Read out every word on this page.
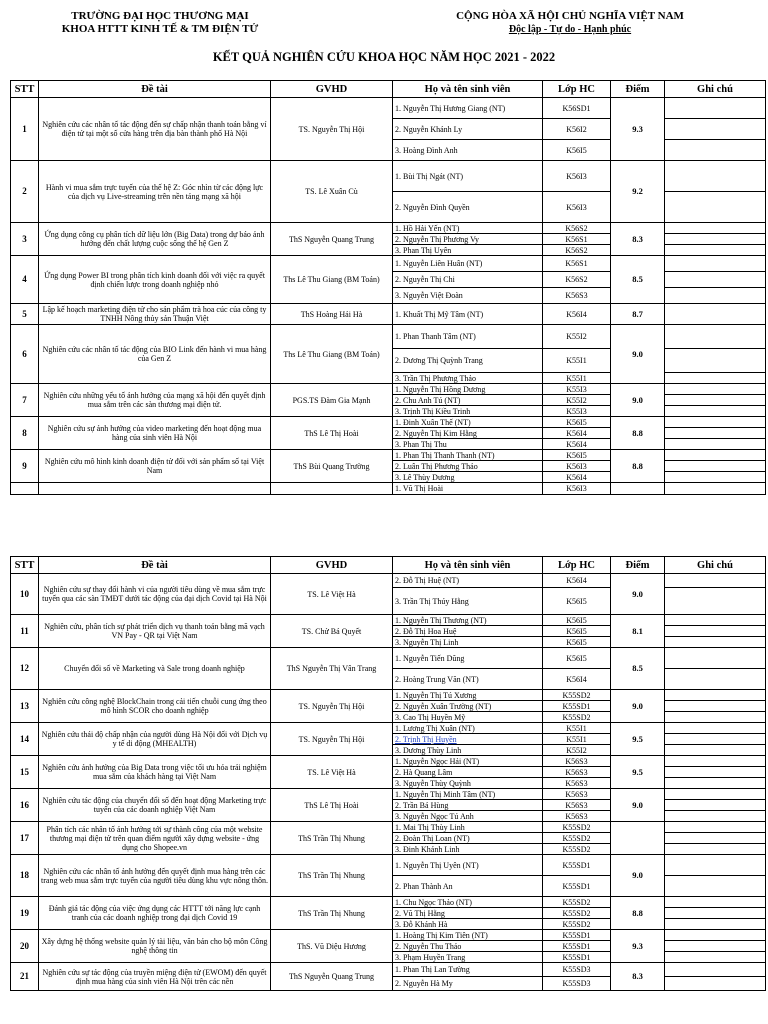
TRƯỜNG ĐẠI HỌC THƯƠNG MẠI
KHOA HTTT KINH TẾ & TM ĐIỆN TỬ
CỘNG HÒA XÃ HỘI CHỦ NGHĨA VIỆT NAM
Độc lập - Tự do - Hạnh phúc
KẾT QUẢ NGHIÊN CỨU KHOA HỌC NĂM HỌC 2021 - 2022
STT	Đề tài	GVHD	Họ và tên sinh viên	Lớp HC	Điểm	Ghi chú
1	Nghiên cứu các nhân tố tác động đến sự chấp nhận thanh toán bằng ví điện tử tại một số cửa hàng trên địa bàn thành phố Hà Nội	TS. Nguyễn Thị Hội	1. Nguyễn Thị Hương Giang (NT)	K56SD1	9.3	
			2. Nguyễn Khánh Ly	K56I2		
			3. Hoàng Đình Anh	K56I5		
2	Hành vi mua sắm trực tuyến của thế hệ Z: Góc nhìn từ các động lực của dịch vụ Live-streaming trên nền tảng mạng xã hội	TS. Lê Xuân Cù	1. Bùi Thị Ngát (NT)	K56I3	9.2	
			2. Nguyễn Đình Quyền	K56I3		
3	Ứng dụng công cụ phân tích dữ liệu lớn (Big Data) trong dự báo ảnh hưởng đến chất lượng cuộc sống thế hệ Gen Z	ThS Nguyễn Quang Trung	1. Hồ Hải Yến (NT)	K56S2	8.3	
			2. Nguyễn Thị Phương Vy	K56S1		
			3. Phan Thị Uyên	K56S2		
4	Ứng dụng Power BI trong phân tích kinh doanh đối với việc ra quyết định chiến lược trong doanh nghiệp nhỏ	Ths Lê Thu Giang (BM Toán)	1. Nguyễn Liên Huân (NT)	K56S1	8.5	
			2. Nguyễn Thị Chi	K56S2		
			3. Nguyễn Việt Đoàn	K56S3		
5	Lập kế hoạch marketing điện tử cho sản phẩm trà hoa cúc của công ty TNHH Nông thủy sản Thuận Việt	ThS Hoàng Hải Hà	1. Khuất Thị Mỹ Tâm (NT)	K56I4	8.7	
6	Nghiên cứu các nhân tố tác động của BIO Link đến hành vi mua hàng của Gen Z	Ths Lê Thu Giang (BM Toán)	1. Phan Thanh Tâm (NT)	K55I2	9.0	
			2. Dương Thị Quỳnh Trang	K55I1		
			3. Trần Thị Phương Thảo	K55I1		
7	Nghiên cứu những yếu tố ảnh hưởng của mạng xã hội đến quyết định mua sắm trên các sàn thương mại điện tử.	PGS.TS Đàm Gia Mạnh	1. Nguyễn Thị Hồng Dương	K55I3	9.0	
			2. Chu Anh Tú (NT)	K55I2		
			3. Trịnh Thị Kiều Trinh	K55I3		
8	Nghiên cứu sự ảnh hưởng của video marketing đến hoạt động mua hàng của sinh viên Hà Nội	ThS Lê Thị Hoài	1. Đinh Xuân Thế (NT)	K56I5	8.8	
			2. Nguyễn Thị Kim Hằng	K56I4		
			3. Phan Thị Thu	K56I4		
9	Nghiên cứu mô hình kinh doanh điện tử đối với sản phẩm số tại Việt Nam	ThS Bùi Quang Trường	1. Phan Thị Thanh Thanh (NT)	K56I5	8.8	
			2. Luân Thị Phương Thảo	K56I3		
			3. Lê Thùy Dương	K56I4		
			1. Vũ Thị Hoài	K56I3		
STT	Đề tài	GVHD	Họ và tên sinh viên	Lớp HC	Điểm	Ghi chú
10	Nghiên cứu sự thay đổi hành vi của người tiêu dùng về mua sắm trực tuyến qua các sàn TMĐT dưới tác động của đại dịch Covid tại Hà Nội	TS. Lê Việt Hà	2. Đỗ Thị Huệ (NT)	K56I4	9.0	
			3. Trần Thị Thúy Hằng	K56I5		
11	Nghiên cứu, phân tích sự phát triển dịch vụ thanh toán bằng mã vạch VN Pay - QR tại Việt Nam	TS. Chử Bá Quyết	1. Nguyễn Thị Thương (NT)	K56I5	8.1	
			2. Đỗ Thị Hoa Huệ	K56I5		
			3. Nguyễn Thị Linh	K56I5		
12	Chuyển đổi số về Marketing và Sale trong doanh nghiệp	ThS Nguyễn Thị Vân Trang	1. Nguyễn Tiến Dũng	K56I5	8.5	
			2. Hoàng Trung Văn (NT)	K56I4		
13	Nghiên cứu công nghệ BlockChain trong cải tiến chuỗi cung ứng theo mô hình SCOR cho doanh nghiệp	TS. Nguyễn Thị Hội	1. Nguyễn Thị Tú Xương	K55SD2	9.0	
			2. Nguyễn Xuân Trường (NT)	K55SD1		
			3. Cao Thị Huyền Mỹ	K55SD2		
14	Nghiên cứu thái độ chấp nhận của người dùng Hà Nội đối với Dịch vụ y tế di động (MHEALTH)	TS. Nguyễn Thị Hội	1. Lương Thị Xuân (NT)	K55I1	9.5	
			2. Trịnh Thị Huyền	K55I1		
			3. Dương Thùy Linh	K55I2		
15	Nghiên cứu ảnh hưởng của Big Data trong việc tối ưu hóa trải nghiệm mua sắm của khách hàng tại Việt Nam	TS. Lê Việt Hà	1. Nguyễn Ngọc Hải (NT)	K56S3	9.5	
			2. Hà Quang Lâm	K56S3		
			3. Nguyễn Thùy Quỳnh	K56S3		
16	Nghiên cứu tác động của chuyển đổi số đến hoạt động Marketing trực tuyến của các doanh nghiệp Việt Nam	ThS Lê Thị Hoài	1. Nguyễn Thị Minh Tâm (NT)	K56S3	9.0	
			2. Trần Bá Hùng	K56S3		
			3. Nguyễn Ngọc Tú Anh	K56S3		
17	Phân tích các nhân tố ảnh hưởng tới sự thành công của một website thương mại điện tử trên quan điểm người xây dựng website - ứng dụng cho Shopee.vn	ThS Trần Thị Nhung	1. Mai Thị Thùy Linh	K55SD2		
			2. Đoàn Thị Loan (NT)	K55SD2		
			3. Đinh Khánh Linh	K55SD2		
18	Nghiên cứu các nhân tố ảnh hưởng đến quyết định mua hàng trên các trang web mua sắm trực tuyến của người tiêu dùng khu vực nông thôn.	ThS Trần Thị Nhung	1. Nguyễn Thị Uyên (NT)	K55SD1	9.0	
			2. Phan Thành An	K55SD1		
19	Đánh giá tác động của việc ứng dụng các HTTT tới năng lực cạnh tranh của các doanh nghiệp trong đại dịch Covid 19	ThS Trần Thị Nhung	1. Chu Ngọc Thảo (NT)	K55SD2	8.8	
			2. Vũ Thị Hằng	K55SD2		
			3. Đỗ Khánh Hà	K55SD2		
20	Xây dựng hệ thống website quản lý tài liệu, văn bản cho bộ môn Công nghệ thông tin	ThS. Vũ Diệu Hương	1. Hoàng Thị Kim Tiên (NT)	K55SD1	9.3	
			2. Nguyễn Thu Thảo	K55SD1		
			3. Phạm Huyền Trang	K55SD1		
21	Nghiên cứu sự tác động của truyền miệng điện tử (EWOM) đến quyết định mua hàng của sinh viên Hà Nội trên các nền	ThS Nguyễn Quang Trung	1. Phan Thị Lan Tường	K55SD3	8.3	
			2. Nguyễn Hà My	K55SD3		
